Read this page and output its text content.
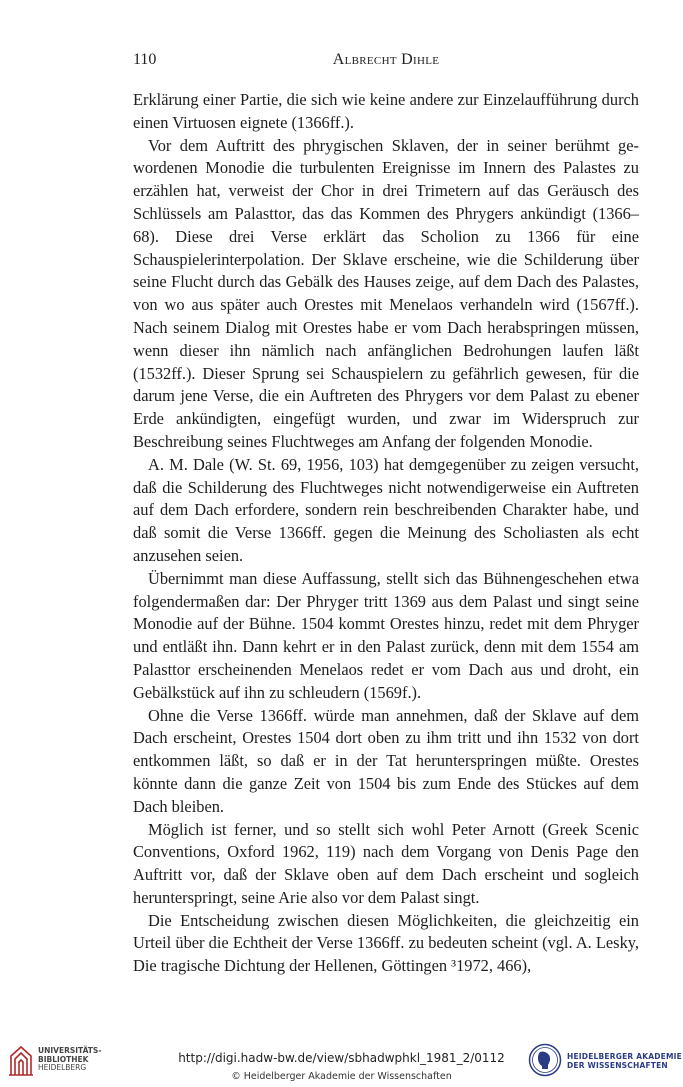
110	Albrecht Dihle

Erklärung einer Partie, die sich wie keine andere zur Einzelaufführung durch einen Virtuosen eignete (1366ff.).

Vor dem Auftritt des phrygischen Sklaven, der in seiner berühmt gewordenen Monodie die turbulenten Ereignisse im Innern des Palastes zu erzählen hat, verweist der Chor in drei Trimetern auf das Geräusch des Schlüssels am Palasttor, das das Kommen des Phrygers ankündigt (1366–68). Diese drei Verse erklärt das Scholion zu 1366 für eine Schauspielerinterpolation. Der Sklave erscheine, wie die Schilderung über seine Flucht durch das Gebälk des Hauses zeige, auf dem Dach des Palastes, von wo aus später auch Orestes mit Menelaos verhandeln wird (1567ff.). Nach seinem Dialog mit Orestes habe er vom Dach herabspringen müssen, wenn dieser ihn nämlich nach anfänglichen Bedrohungen laufen läßt (1532ff.). Dieser Sprung sei Schauspielern zu gefährlich gewesen, für die darum jene Verse, die ein Auftreten des Phrygers vor dem Palast zu ebener Erde ankündigten, eingefügt wurden, und zwar im Widerspruch zur Beschreibung seines Fluchtweges am Anfang der folgenden Monodie.

A. M. Dale (W. St. 69, 1956, 103) hat demgegenüber zu zeigen versucht, daß die Schilderung des Fluchtweges nicht notwendigerweise ein Auftreten auf dem Dach erfordere, sondern rein beschreibenden Charakter habe, und daß somit die Verse 1366ff. gegen die Meinung des Scholiasten als echt anzusehen seien.

Übernimmt man diese Auffassung, stellt sich das Bühnengeschehen etwa folgendermaßen dar: Der Phryger tritt 1369 aus dem Palast und singt seine Monodie auf der Bühne. 1504 kommt Orestes hinzu, redet mit dem Phryger und entläßt ihn. Dann kehrt er in den Palast zurück, denn mit dem 1554 am Palasttor erscheinenden Menelaos redet er vom Dach aus und droht, ein Gebälkstück auf ihn zu schleudern (1569f.).

Ohne die Verse 1366ff. würde man annehmen, daß der Sklave auf dem Dach erscheint, Orestes 1504 dort oben zu ihm tritt und ihn 1532 von dort entkommen läßt, so daß er in der Tat herunterspringen müßte. Orestes könnte dann die ganze Zeit von 1504 bis zum Ende des Stückes auf dem Dach bleiben.

Möglich ist ferner, und so stellt sich wohl Peter Arnott (Greek Scenic Conventions, Oxford 1962, 119) nach dem Vorgang von Denis Page den Auftritt vor, daß der Sklave oben auf dem Dach erscheint und sogleich herunterspringt, seine Arie also vor dem Palast singt.

Die Entscheidung zwischen diesen Möglichkeiten, die gleichzeitig ein Urteil über die Echtheit der Verse 1366ff. zu bedeuten scheint (vgl. A. Lesky, Die tragische Dichtung der Hellenen, Göttingen ³1972, 466),

UNIVERSITÄTS-
BIBLIOTHEK
HEIDELBERG
http://digi.hadw-bw.de/view/sbhadwphkl_1981_2/0112
© Heidelberger Akademie der Wissenschaften
HEIDELBERGER AKADEMIE
DER WISSENSCHAFTEN
